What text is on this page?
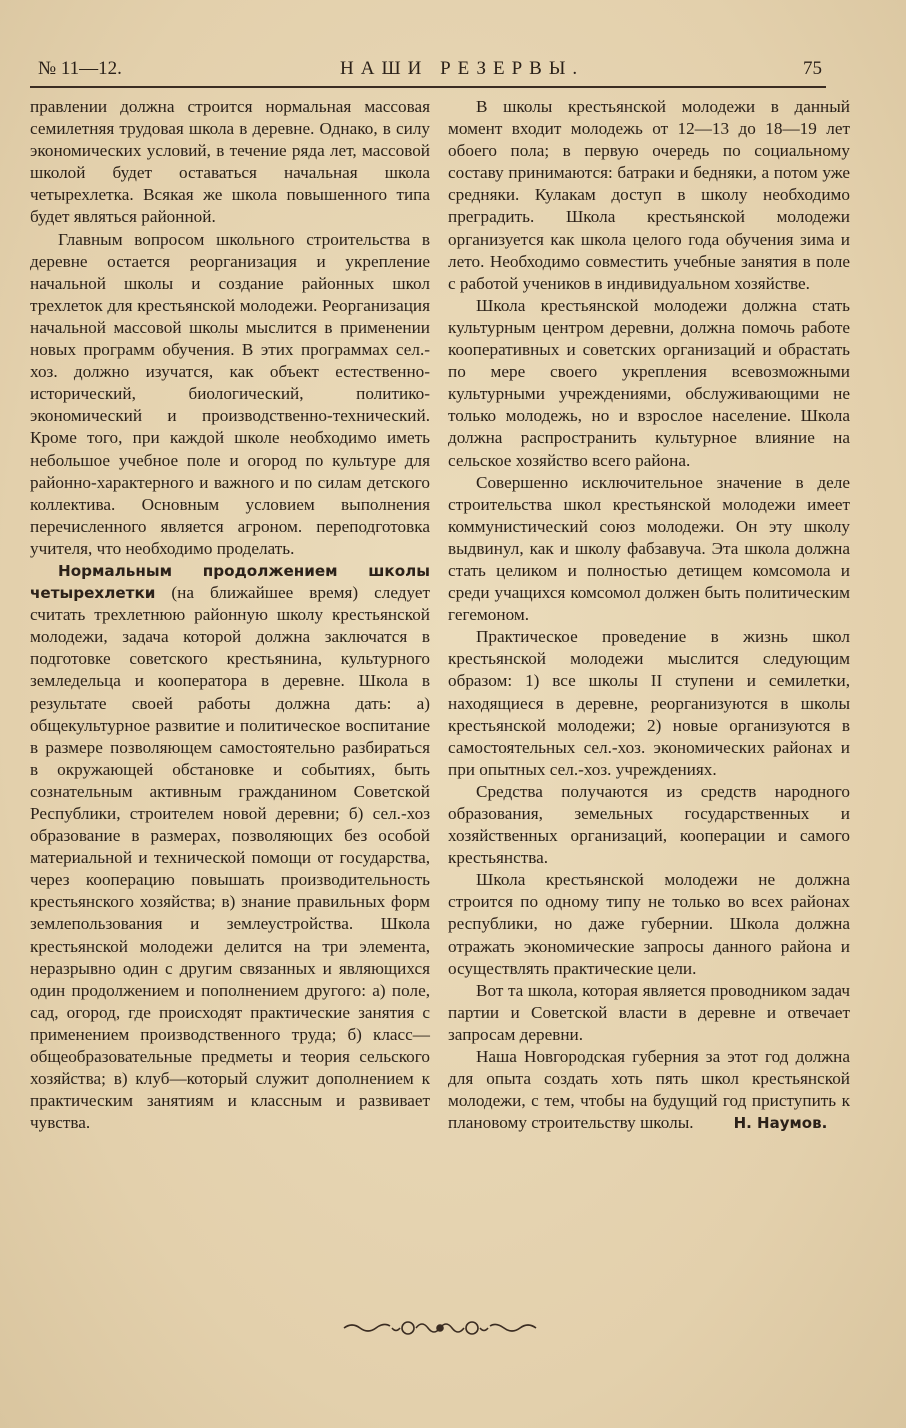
№ 11—12.	НАШИ РЕЗЕРВЫ.	75

правлении должна строится нормальная массовая семилетняя трудовая школа в деревне. Однако, в силу экономических условий, в течение ряда лет, массовой школой будет оставаться начальная школа четырехлетка. Всякая же школа повышенного типа будет являться районной.

Главным вопросом школьного строительства в деревне остается реорганизация и укрепление начальной школы и создание районных школ трехлеток для крестьянской молодежи. Реорганизация начальной массовой школы мыслится в применении новых программ обучения. В этих программах сел.-хоз. должно изучатся, как объект естественно-исторический, биологический, политико-экономический и производственно-технический. Кроме того, при каждой школе необходимо иметь небольшое учебное поле и огород по культуре для районно-характерного и важного и по силам детского коллектива. Основным условием выполнения перечисленного является агроном. переподготовка учителя, что необходимо проделать.

Нормальным продолжением школы четырехлетки (на ближайшее время) следует считать трехлетнюю районную школу крестьянской молодежи, задача которой должна заключатся в подготовке советского крестьянина, культурного земледельца и кооператора в деревне. Школа в результате своей работы должна дать: а) общекультурное развитие и политическое воспитание в размере позволяющем самостоятельно разбираться в окружающей обстановке и событиях, быть сознательным активным гражданином Советской Республики, строителем новой деревни; б) сел.-хоз образование в размерах, позволяющих без особой материальной и технической помощи от государства, через кооперацию повышать производительность крестьянского хозяйства; в) знание правильных форм землепользования и землеустройства. Школа крестьянской молодежи делится на три элемента, неразрывно один с другим связанных и являющихся один продолжением и пополнением другого: а) поле, сад, огород, где происходят практические занятия с применением производственного труда; б) класс—общеобразовательные предметы и теория сельского хозяйства; в) клуб—который служит дополнением к практическим занятиям и классным и развивает чувства.

В школы крестьянской молодежи в данный момент входит молодежь от 12—13 до 18—19 лет обоего пола; в первую очередь по социальному составу принимаются: батраки и бедняки, а потом уже средняки. Кулакам доступ в школу необходимо преградить. Школа крестьянской молодежи организуется как школа целого года обучения зима и лето. Необходимо совместить учебные занятия в поле с работой учеников в индивидуальном хозяйстве.

Школа крестьянской молодежи должна стать культурным центром деревни, должна помочь работе кооперативных и советских организаций и обрастать по мере своего укрепления всевозможными культурными учреждениями, обслуживающими не только молодежь, но и взрослое население. Школа должна распространить культурное влияние на сельское хозяйство всего района.

Совершенно исключительное значение в деле строительства школ крестьянской молодежи имеет коммунистический союз молодежи. Он эту школу выдвинул, как и школу фабзавуча. Эта школа должна стать целиком и полностью детищем комсомола и среди учащихся комсомол должен быть политическим гегемоном.

Практическое проведение в жизнь школ крестьянской молодежи мыслится следующим образом: 1) все школы II ступени и семилетки, находящиеся в деревне, реорганизуются в школы крестьянской молодежи; 2) новые организуются в самостоятельных сел.-хоз. экономических районах и при опытных сел.-хоз. учреждениях.

Средства получаются из средств народного образования, земельных государственных и хозяйственных организаций, кооперации и самого крестьянства.

Школа крестьянской молодежи не должна строится по одному типу не только во всех районах республики, но даже губернии. Школа должна отражать экономические запросы данного района и осуществлять практические цели.

Вот та школа, которая является проводником задач партии и Советской власти в деревне и отвечает запросам деревни.

Наша Новгородская губерния за этот год должна для опыта создать хоть пять школ крестьянской молодежи, с тем, чтобы на будущий год приступить к плановому строительству школы.	Н. Наумов.
